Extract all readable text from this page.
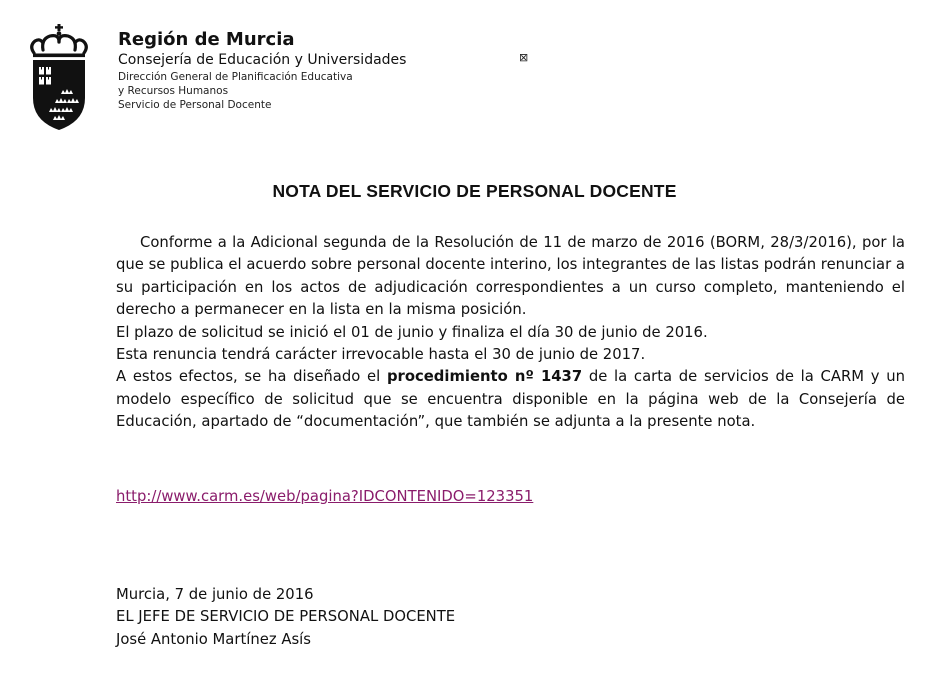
Región de Murcia
Consejería de Educación y Universidades
Dirección General de Planificación Educativa
y Recursos Humanos
Servicio de Personal Docente
⊠
NOTA DEL SERVICIO DE PERSONAL DOCENTE

Conforme a la Adicional segunda de la Resolución de 11 de marzo de 2016 (BORM, 28/3/2016), por la que se publica el acuerdo sobre personal docente interino, los integrantes de las listas podrán renunciar a su participación en los actos de adjudicación correspondientes a un curso completo, manteniendo el derecho a permanecer en la lista en la misma posición.

El plazo de solicitud se inició el 01 de junio y finaliza el día 30 de junio de 2016.

Esta renuncia tendrá carácter irrevocable hasta el 30 de junio de 2017.

A estos efectos, se ha diseñado el procedimiento nº 1437 de la carta de servicios de la CARM y un modelo específico de solicitud que se encuentra disponible en la página web de la Consejería de Educación, apartado de “documentación”, que también se adjunta a la presente nota.

http://www.carm.es/web/pagina?IDCONTENIDO=123351
Murcia, 7 de junio de 2016
EL JEFE DE SERVICIO DE PERSONAL DOCENTE
José Antonio Martínez Asís
